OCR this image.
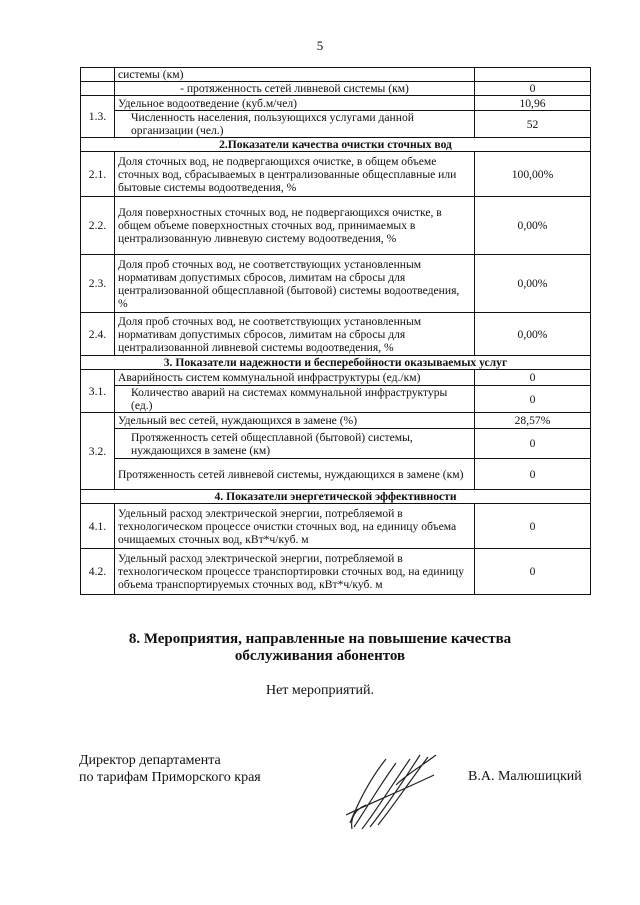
5
	системы (км)	
	- протяженность сетей ливневой системы (км)	0
1.3.	Удельное водоотведение (куб.м/чел)	10,96
	Численность населения, пользующихся услугами данной организации (чел.)	52
2.Показатели качества очистки сточных вод		
2.1.	Доля сточных вод, не подвергающихся очистке, в общем объеме сточных вод, сбрасываемых в централизованные общесплавные или бытовые системы водоотведения, %	100,00%
2.2.	Доля поверхностных сточных вод, не подвергающихся очистке, в общем объеме поверхностных сточных вод, принимаемых в централизованную ливневую систему водоотведения, %	0,00%
2.3.	Доля проб сточных вод, не соответствующих установленным нормативам допустимых сбросов, лимитам на сбросы для централизованной общесплавной (бытовой) системы водоотведения, %	0,00%
2.4.	Доля проб сточных вод, не соответствующих установленным нормативам допустимых сбросов, лимитам на сбросы для централизованной ливневой системы водоотведения, %	0,00%
3. Показатели надежности и бесперебойности оказываемых услуг		
3.1.	Аварийность систем коммунальной инфраструктуры (ед./км)	0
	Количество аварий на системах коммунальной инфраструктуры (ед.)	0
3.2.	Удельный вес сетей, нуждающихся в замене (%)	28,57%
	Протяженность сетей общесплавной (бытовой) системы, нуждающихся в замене (км)	0
	Протяженность сетей ливневой системы, нуждающихся в замене (км)	0
4. Показатели энергетической эффективности		
4.1.	Удельный расход электрической энергии, потребляемой в технологическом процессе очистки сточных вод, на единицу объема очищаемых сточных вод, кВт*ч/куб. м	0
4.2.	Удельный расход электрической энергии, потребляемой в технологическом процессе транспортировки сточных вод, на единицу объема транспортируемых сточных вод, кВт*ч/куб. м	0
8. Мероприятия, направленные на повышение качества
обслуживания абонентов
Нет мероприятий.
Директор департамента
по тарифам Приморского края	В.А. Малюшицкий
